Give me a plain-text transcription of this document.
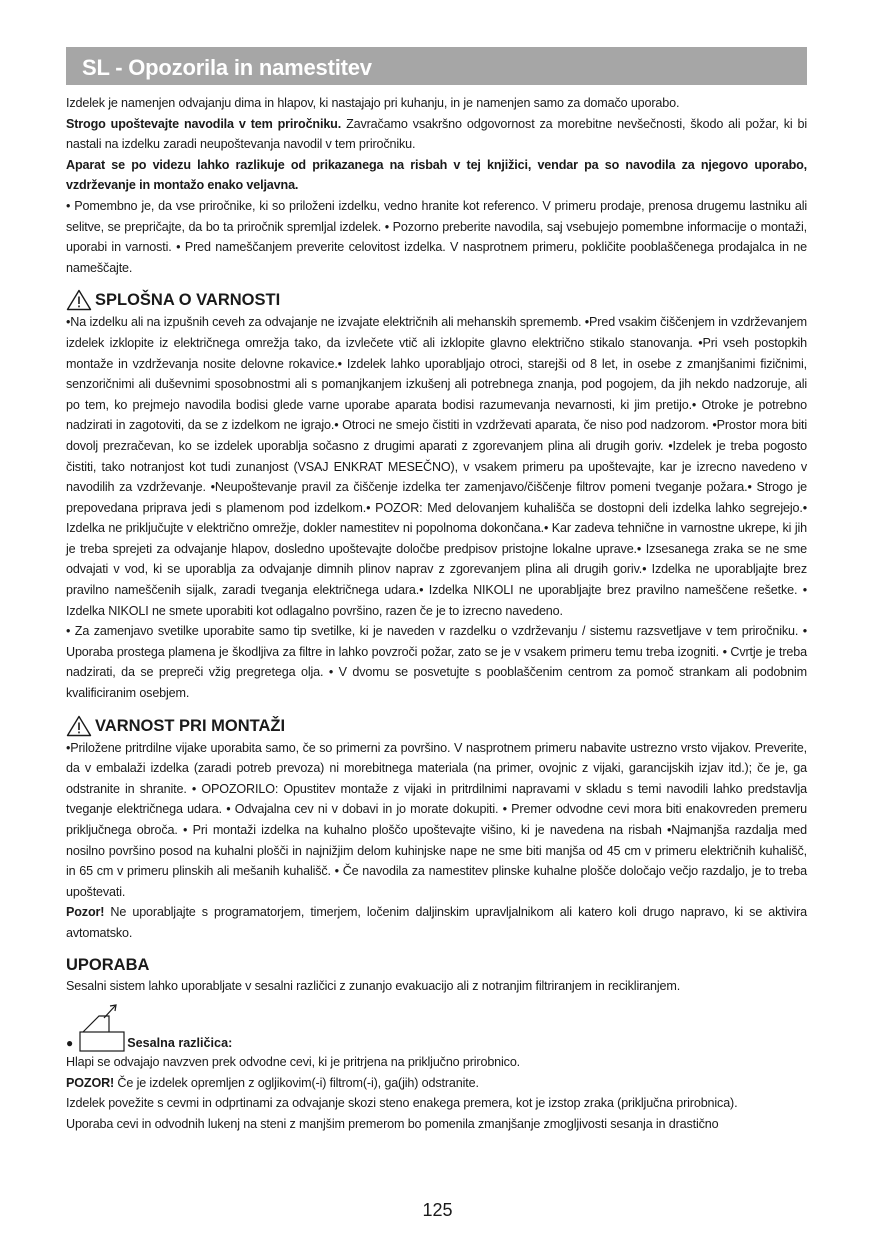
SL - Opozorila in namestitev

Izdelek je namenjen odvajanju dima in hlapov, ki nastajajo pri kuhanju, in je namenjen samo za domačo uporabo.

Strogo upoštevajte navodila v tem priročniku. Zavračamo vsakršno odgovornost za morebitne nevšečnosti, škodo ali požar, ki bi nastali na izdelku zaradi neupoštevanja navodil v tem priročniku.

Aparat se po videzu lahko razlikuje od prikazanega na risbah v tej knjižici, vendar pa so navodila za njegovo uporabo, vzdrževanje in montažo enako veljavna.

• Pomembno je, da vse priročnike, ki so priloženi izdelku, vedno hranite kot referenco. V primeru prodaje, prenosa drugemu lastniku ali selitve, se prepričajte, da bo ta priročnik spremljal izdelek. • Pozorno preberite navodila, saj vsebujejo pomembne informacije o montaži, uporabi in varnosti. • Pred nameščanjem preverite celovitost izdelka. V nasprotnem primeru, pokličite pooblaščenega prodajalca in ne nameščajte.

SPLOŠNA O VARNOSTI

•Na izdelku ali na izpušnih ceveh za odvajanje ne izvajate električnih ali mehanskih sprememb. •Pred vsakim čiščenjem in vzdrževanjem izdelek izklopite iz električnega omrežja tako, da izvlečete vtič ali izklopite glavno električno stikalo stanovanja. •Pri vseh postopkih montaže in vzdrževanja nosite delovne rokavice.• Izdelek lahko uporabljajo otroci, starejši od 8 let, in osebe z zmanjšanimi fizičnimi, senzoričnimi ali duševnimi sposobnostmi ali s pomanjkanjem izkušenj ali potrebnega znanja, pod pogojem, da jih nekdo nadzoruje, ali po tem, ko prejmejo navodila bodisi glede varne uporabe aparata bodisi razumevanja nevarnosti, ki jim pretijo.• Otroke je potrebno nadzirati in zagotoviti, da se z izdelkom ne igrajo.• Otroci ne smejo čistiti in vzdrževati aparata, če niso pod nadzorom. •Prostor mora biti dovolj prezračevan, ko se izdelek uporablja sočasno z drugimi aparati z zgorevanjem plina ali drugih goriv. •Izdelek je treba pogosto čistiti, tako notranjost kot tudi zunanjost (VSAJ ENKRAT MESEČNO), v vsakem primeru pa upoštevajte, kar je izrecno navedeno v navodilih za vzdrževanje. •Neupoštevanje pravil za čiščenje izdelka ter zamenjavo/čiščenje filtrov pomeni tveganje požara.• Strogo je prepovedana priprava jedi s plamenom pod izdelkom.• POZOR: Med delovanjem kuhališča se dostopni deli izdelka lahko segrejejo.• Izdelka ne priključujte v električno omrežje, dokler namestitev ni popolnoma dokončana.• Kar zadeva tehnične in varnostne ukrepe, ki jih je treba sprejeti za odvajanje hlapov, dosledno upoštevajte določbe predpisov pristojne lokalne uprave.• Izsesanega zraka se ne sme odvajati v vod, ki se uporablja za odvajanje dimnih plinov naprav z zgorevanjem plina ali drugih goriv.• Izdelka ne uporabljajte brez pravilno nameščenih sijalk, zaradi tveganja električnega udara.• Izdelka NIKOLI ne uporabljajte brez pravilno nameščene rešetke. • Izdelka NIKOLI ne smete uporabiti kot odlagalno površino, razen če je to izrecno navedeno.

• Za zamenjavo svetilke uporabite samo tip svetilke, ki je naveden v razdelku o vzdrževanju / sistemu razsvetljave v tem priročniku. • Uporaba prostega plamena je škodljiva za filtre in lahko povzroči požar, zato se je v vsakem primeru temu treba izogniti. • Cvrtje je treba nadzirati, da se prepreči vžig pregretega olja. • V dvomu se posvetujte s pooblaščenim centrom za pomoč strankam ali podobnim kvalificiranim osebjem.

VARNOST PRI MONTAŽI

•Priložene pritrdilne vijake uporabita samo, če so primerni za površino. V nasprotnem primeru nabavite ustrezno vrsto vijakov. Preverite, da v embalaži izdelka (zaradi potreb prevoza) ni morebitnega materiala (na primer, ovojnic z vijaki, garancijskih izjav itd.); če je, ga odstranite in shranite. • OPOZORILO: Opustitev montaže z vijaki in pritrdilnimi napravami v skladu s temi navodili lahko predstavlja tveganje električnega udara. • Odvajalna cev ni v dobavi in jo morate dokupiti. • Premer odvodne cevi mora biti enakovreden premeru priključnega obroča. • Pri montaži izdelka na kuhalno ploščo upoštevajte višino, ki je navedena na risbah •Najmanjša razdalja med nosilno površino posod na kuhalni plošči in najnižjim delom kuhinjske nape ne sme biti manjša od 45 cm v primeru električnih kuhališč, in 65 cm v primeru plinskih ali mešanih kuhališč. • Če navodila za namestitev plinske kuhalne plošče določajo večjo razdaljo, je to treba upoštevati.

Pozor! Ne uporabljajte s programatorjem, timerjem, ločenim daljinskim upravljalnikom ali katero koli drugo napravo, ki se aktivira avtomatsko.

UPORABA

Sesalni sistem lahko uporabljate v sesalni različici z zunanjo evakuacijo ali z notranjim filtriranjem in recikliranjem.

●	Sesalna različica:

Hlapi se odvajajo navzven prek odvodne cevi, ki je pritrjena na priključno prirobnico.

POZOR! Če je izdelek opremljen z ogljikovim(-i) filtrom(-i), ga(jih) odstranite.

Izdelek povežite s cevmi in odprtinami za odvajanje skozi steno enakega premera, kot je izstop zraka (priključna prirobnica).

Uporaba cevi in odvodnih lukenj na steni z manjšim premerom bo pomenila zmanjšanje zmogljivosti sesanja in drastično

125
